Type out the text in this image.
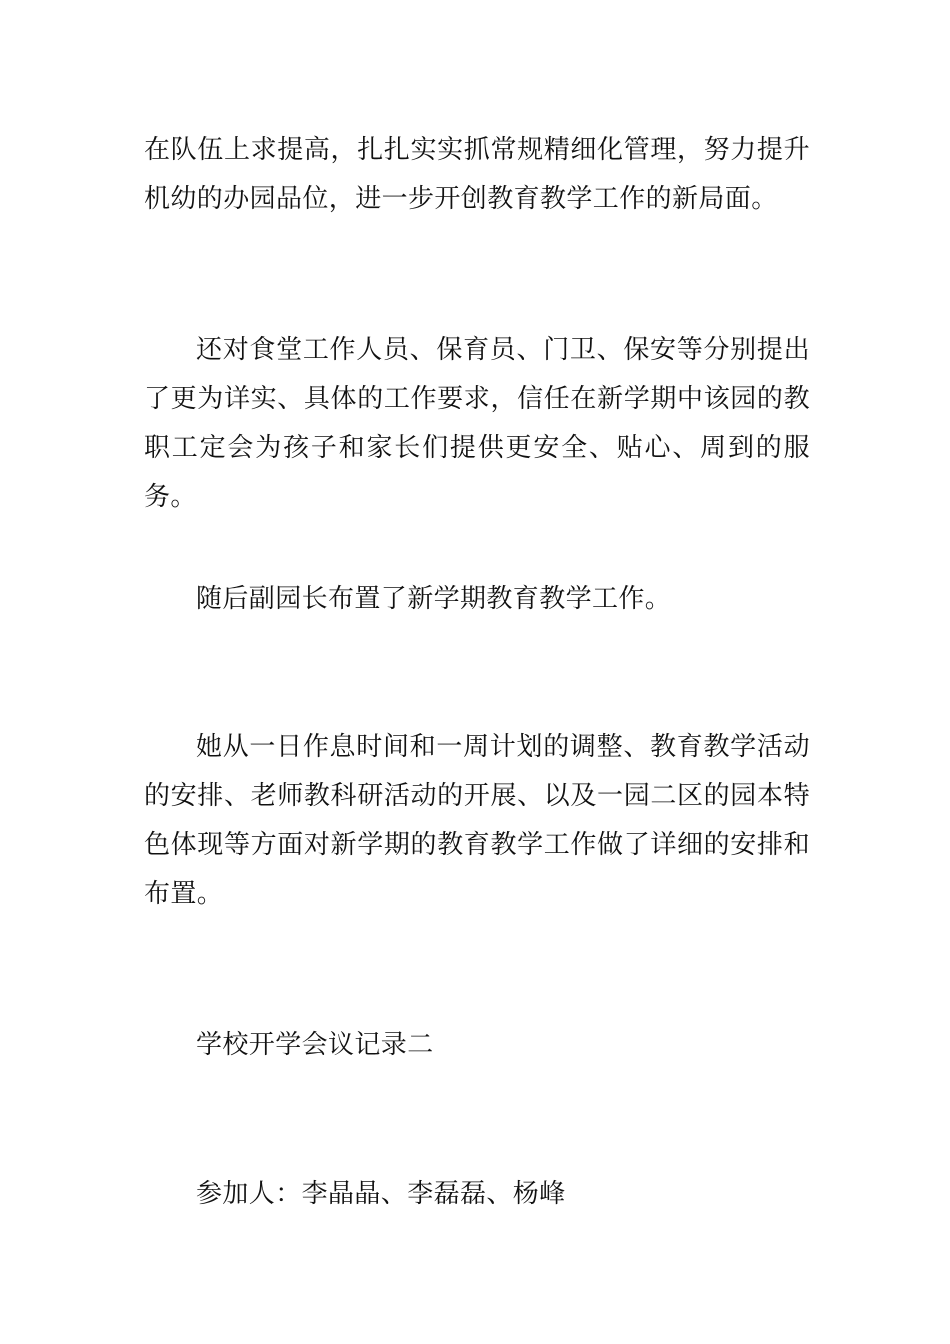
在队伍上求提高，扎扎实实抓常规精细化管理，努力提升机幼的办园品位，进一步开创教育教学工作的新局面。

还对食堂工作人员、保育员、门卫、保安等分别提出了更为详实、具体的工作要求，信任在新学期中该园的教职工定会为孩子和家长们提供更安全、贴心、周到的服务。

随后副园长布置了新学期教育教学工作。

她从一日作息时间和一周计划的调整、教育教学活动的安排、老师教科研活动的开展、以及一园二区的园本特色体现等方面对新学期的教育教学工作做了详细的安排和布置。

学校开学会议记录二

参加人：李晶晶、李磊磊、杨峰
